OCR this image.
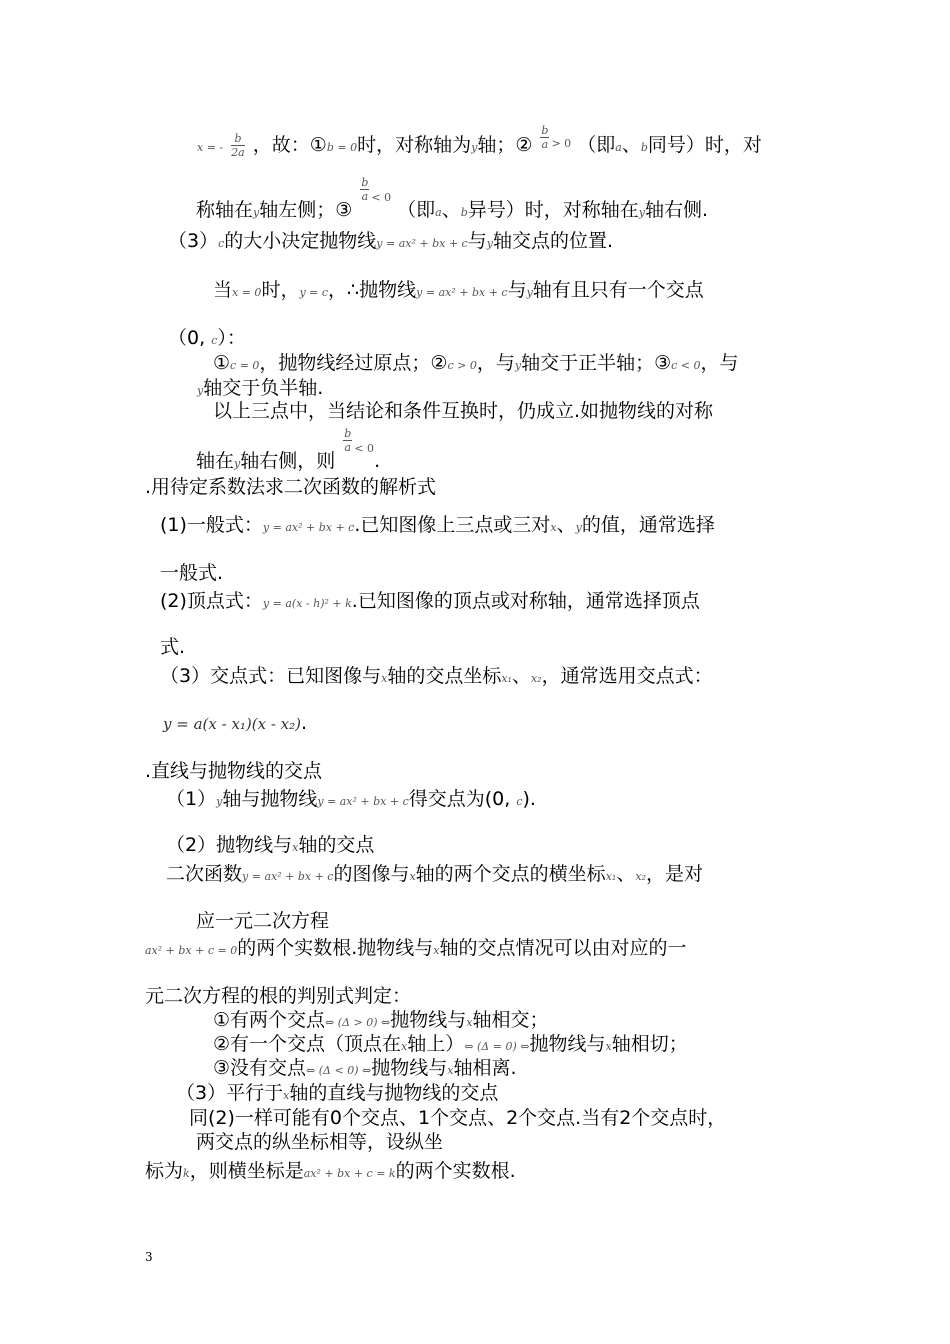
x = - $\frac{b}{2a}$ ，故：①b = 0时，对称轴为y轴；② $\frac{b}{a} ^{> 0}$ （即a、b同号）时，对
称轴在y轴左侧；③
$\frac{b}{a} ^{< 0}$ （即a、b异号）时，对称轴在y轴右侧.
（3）c的大小决定抛物线y = ax² + bx + c与y轴交点的位置.
当x = 0时，y = c，∴抛物线y = ax² + bx + c与y轴有且只有一个交点
（0, c）：
①c = 0，抛物线经过原点；②c > 0，与y轴交于正半轴；③c < 0，与
y轴交于负半轴.
以上三点中，当结论和条件互换时，仍成立.如抛物线的对称
轴在y轴右侧，则
$\frac{b}{a} ^{< 0}$.
.用待定系数法求二次函数的解析式
(1)一般式：y = ax² + bx + c.已知图像上三点或三对x、y的值，通常选择
一般式.
(2)顶点式：y = a(x - h)² + k.已知图像的顶点或对称轴，通常选择顶点
式.
（3）交点式：已知图像与x轴的交点坐标x₁、x₂，通常选用交点式：
y = a(x - x₁)(x - x₂).
.直线与抛物线的交点
（1）y轴与抛物线y = ax² + bx + c得交点为(0, c).
（2）抛物线与x轴的交点
二次函数y = ax² + bx + c的图像与x轴的两个交点的横坐标x₁、x₂，是对
应一元二次方程
ax² + bx + c = 0的两个实数根.抛物线与x轴的交点情况可以由对应的一
元二次方程的根的判别式判定：
①有两个交点⇔ (Δ > 0) ⇔抛物线与x轴相交；
②有一个交点（顶点在x轴上）⇔ (Δ = 0) ⇔抛物线与x轴相切；
③没有交点⇔ (Δ < 0) ⇔抛物线与x轴相离.
（3）平行于x轴的直线与抛物线的交点
同(2)一样可能有0个交点、1个交点、2个交点.当有2个交点时，
两交点的纵坐标相等，设纵坐
标为k，则横坐标是ax² + bx + c = k的两个实数根.
3
